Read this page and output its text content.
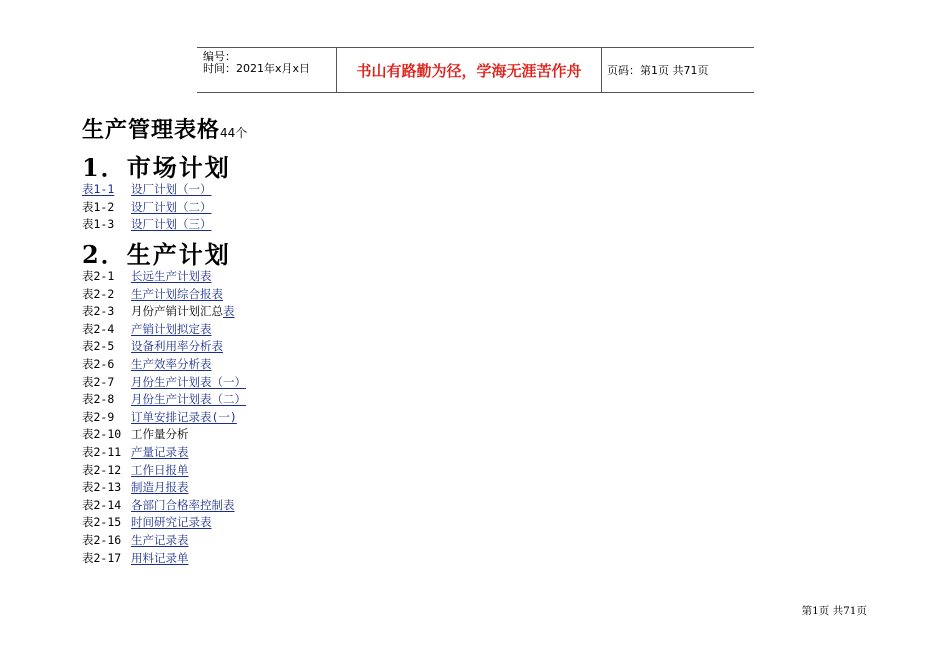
编号：
时间：2021年x月x日	书山有路勤为径，学海无涯苦作舟	页码：第1页 共71页
生产管理表格44个
1．市场计划
表1-1 设厂计划（一）
表1-2 设厂计划（二）
表1-3 设厂计划（三）
2．生产计划
表2-1 长远生产计划表
表2-2 生产计划综合报表
表2-3 月份产销计划汇总表
表2-4 产销计划拟定表
表2-5 设备利用率分析表
表2-6 生产效率分析表
表2-7 月份生产计划表（一）
表2-8 月份生产计划表（二）
表2-9 订单安排记录表(一)
表2-10 工作量分析
表2-11 产量记录表
表2-12 工作日报单
表2-13 制造月报表
表2-14 各部门合格率控制表
表2-15 时间研究记录表
表2-16 生产记录表
表2-17 用料记录单
第1页 共71页
